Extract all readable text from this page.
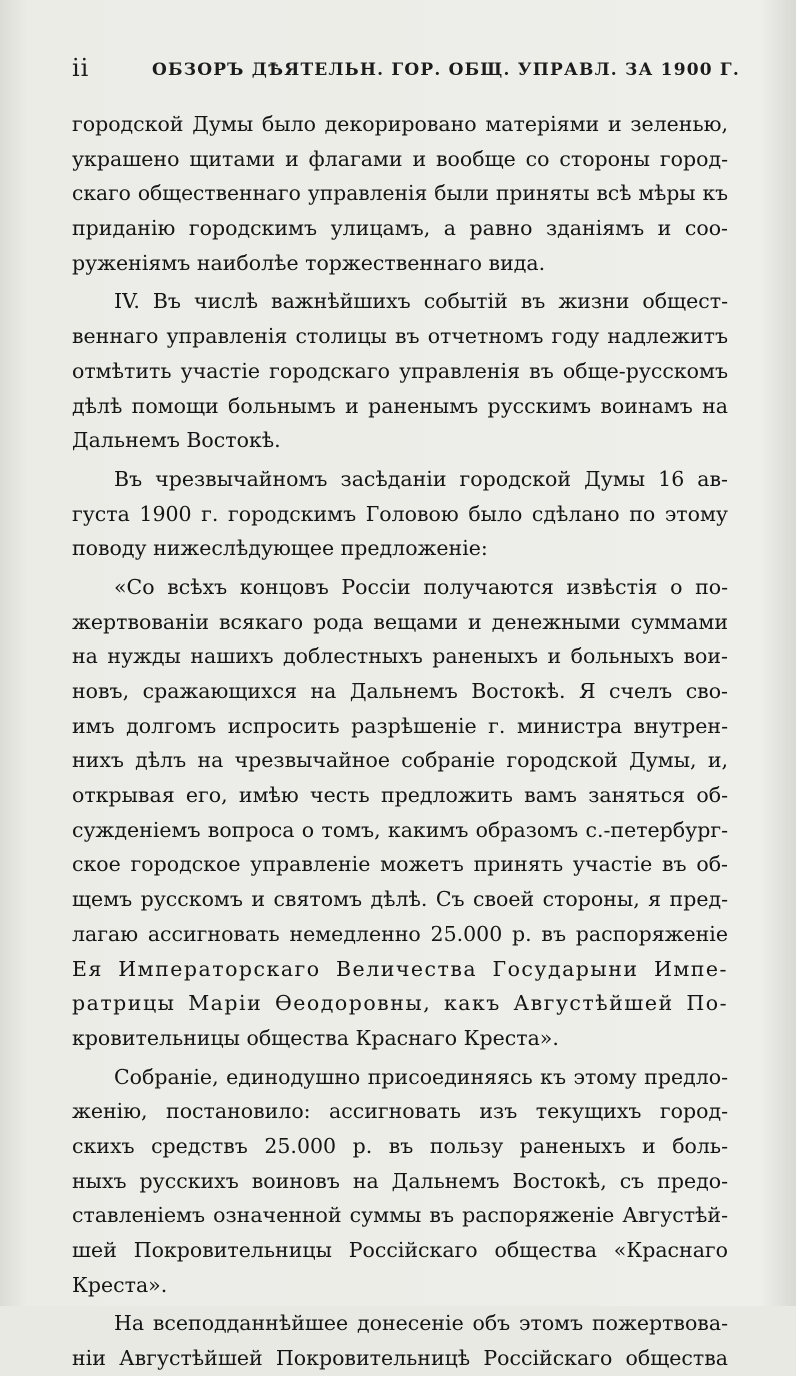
ii	ОБЗОРЪ ДѢЯТЕЛЬН. ГОР. ОБЩ. УПРАВЛ. ЗА 1900 Г.
городской Думы было декорировано матеріями и зеленью,
украшено щитами и флагами и вообще со стороны город-
скаго общественнаго управленія были приняты всѣ мѣры къ
приданію городскимъ улицамъ, а равно зданіямъ и соо-
руженіямъ наиболѣе торжественнаго вида.
IV. Въ числѣ важнѣйшихъ событій въ жизни общест-
веннаго управленія столицы въ отчетномъ году надлежитъ
отмѣтить участіе городскаго управленія въ обще-русскомъ
дѣлѣ помощи больнымъ и раненымъ русскимъ воинамъ на
Дальнемъ Востокѣ.
Въ чрезвычайномъ засѣданіи городской Думы 16 ав-
густа 1900 г. городскимъ Головою было сдѣлано по этому
поводу нижеслѣдующее предложеніе:
«Со всѣхъ концовъ Россіи получаются извѣстія о по-
жертвованіи всякаго рода вещами и денежными суммами
на нужды нашихъ доблестныхъ раненыхъ и больныхъ вои-
новъ, сражающихся на Дальнемъ Востокѣ. Я счелъ сво-
имъ долгомъ испросить разрѣшеніе г. министра внутрен-
нихъ дѣлъ на чрезвычайное собраніе городской Думы, и,
открывая его, имѣю честь предложить вамъ заняться об-
сужденіемъ вопроса о томъ, какимъ образомъ с.-петербург-
ское городское управленіе можетъ принять участіе въ об-
щемъ русскомъ и святомъ дѣлѣ. Съ своей стороны, я пред-
лагаю ассигновать немедленно 25.000 р. въ распоряженіе
Ея Императорскаго Величества Государыни Импе-
ратрицы Маріи Ѳеодоровны, какъ Августѣйшей По-
кровительницы общества Краснаго Креста».
Собраніе, единодушно присоединяясь къ этому предло-
женію, постановило: ассигновать изъ текущихъ город-
скихъ средствъ 25.000 р. въ пользу раненыхъ и боль-
ныхъ русскихъ воиновъ на Дальнемъ Востокѣ, съ предо-
ставленіемъ означенной суммы въ распоряженіе Августѣй-
шей Покровительницы Россійскаго общества «Краснаго
Креста».
На всеподданнѣйшее донесеніе объ этомъ пожертвова-
ніи Августѣйшей Покровительницѣ Россійскаго общества
